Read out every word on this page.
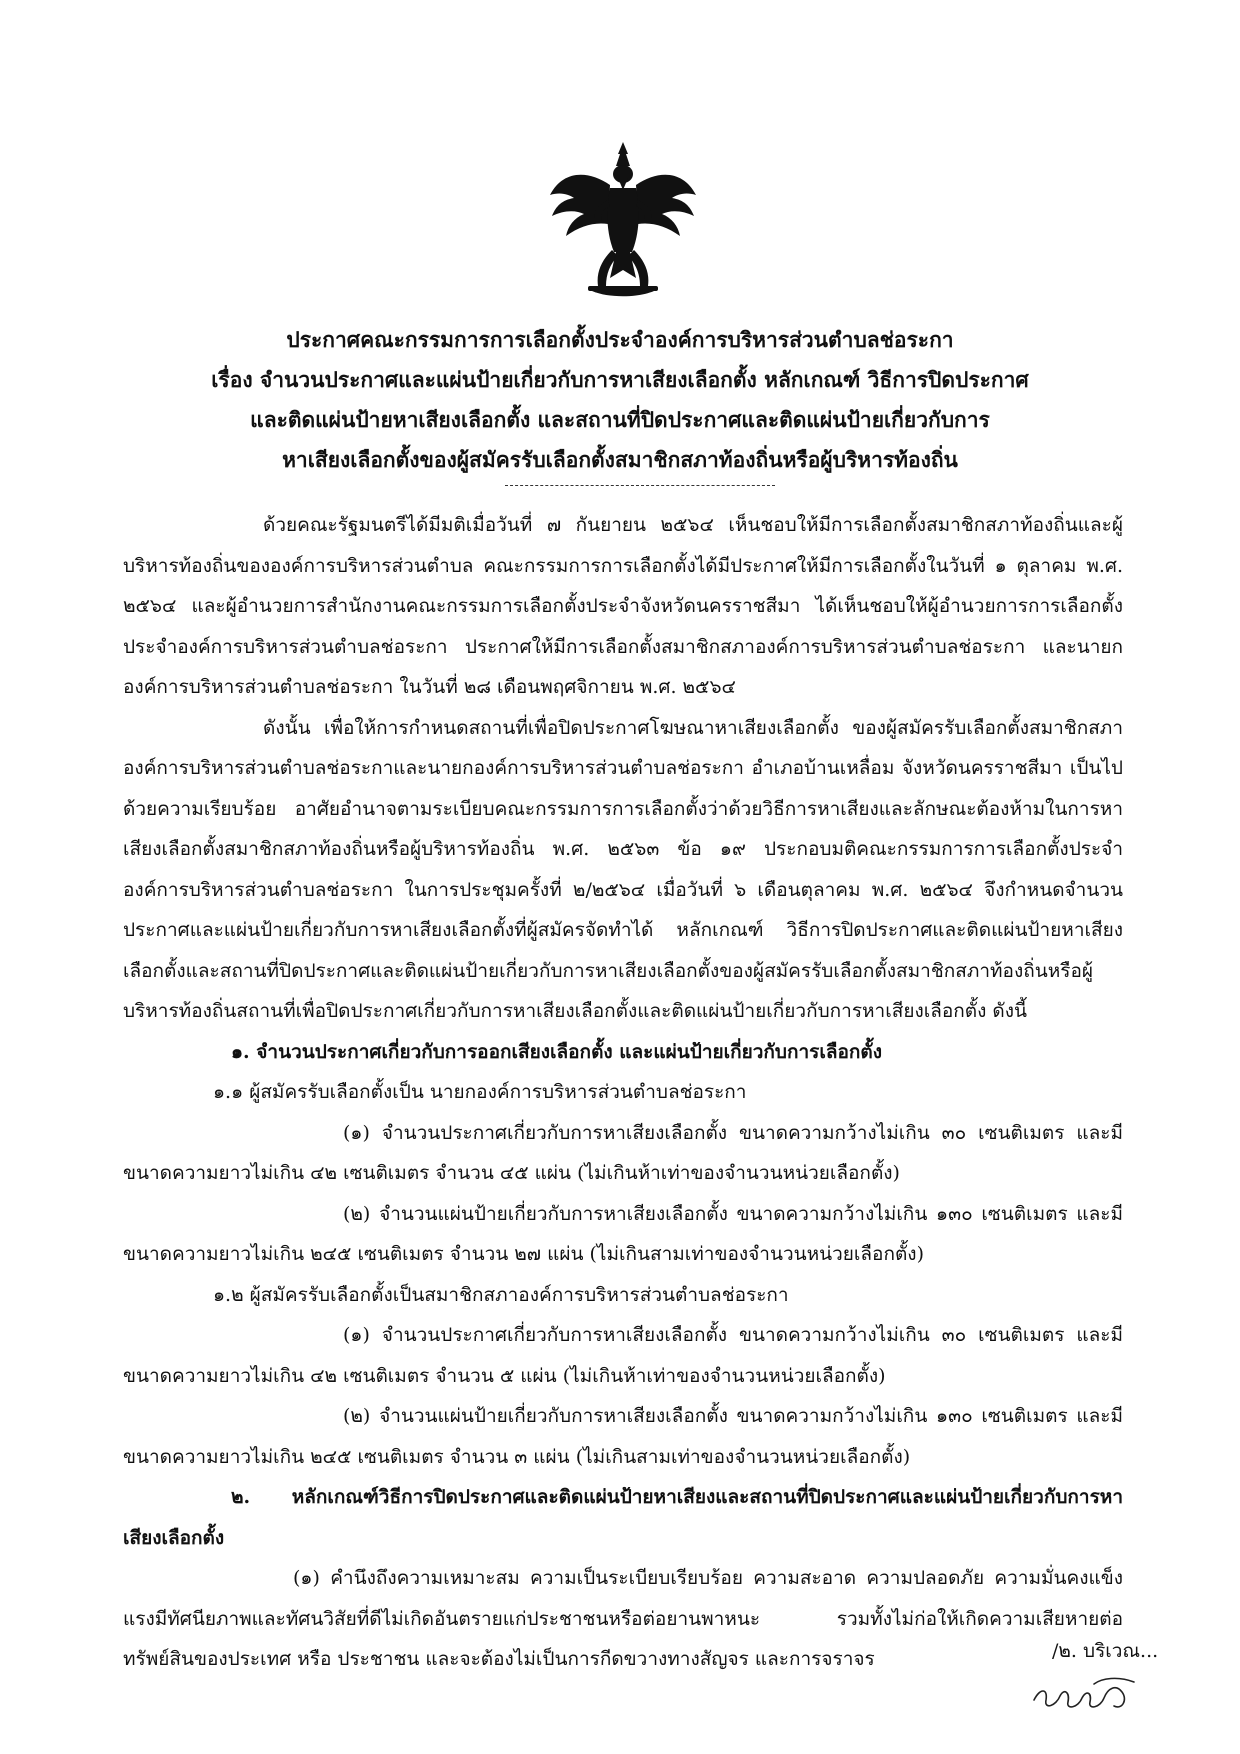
ประกาศคณะกรรมการการเลือกตั้งประจำองค์การบริหารส่วนตำบลช่อระกา

เรื่อง จำนวนประกาศและแผ่นป้ายเกี่ยวกับการหาเสียงเลือกตั้ง หลักเกณฑ์ วิธีการปิดประกาศ

และติดแผ่นป้ายหาเสียงเลือกตั้ง และสถานที่ปิดประกาศและติดแผ่นป้ายเกี่ยวกับการ

หาเสียงเลือกตั้งของผู้สมัครรับเลือกตั้งสมาชิกสภาท้องถิ่นหรือผู้บริหารท้องถิ่น

ด้วยคณะรัฐมนตรีได้มีมติเมื่อวันที่ ๗ กันยายน ๒๕๖๔ เห็นชอบให้มีการเลือกตั้งสมาชิกสภาท้องถิ่นและผู้บริหารท้องถิ่นขององค์การบริหารส่วนตำบล คณะกรรมการการเลือกตั้งได้มีประกาศให้มีการเลือกตั้งในวันที่ ๑ ตุลาคม พ.ศ. ๒๕๖๔ และผู้อำนวยการสำนักงานคณะกรรมการเลือกตั้งประจำจังหวัดนครราชสีมา ได้เห็นชอบให้ผู้อำนวยการการเลือกตั้งประจำองค์การบริหารส่วนตำบลช่อระกา ประกาศให้มีการเลือกตั้งสมาชิกสภาองค์การบริหารส่วนตำบลช่อระกา และนายกองค์การบริหารส่วนตำบลช่อระกา ในวันที่ ๒๘ เดือนพฤศจิกายน พ.ศ. ๒๕๖๔

ดังนั้น เพื่อให้การกำหนดสถานที่เพื่อปิดประกาศโฆษณาหาเสียงเลือกตั้ง ของผู้สมัครรับเลือกตั้งสมาชิกสภาองค์การบริหารส่วนตำบลช่อระกาและนายกองค์การบริหารส่วนตำบลช่อระกา อำเภอบ้านเหลื่อม จังหวัดนครราชสีมา เป็นไปด้วยความเรียบร้อย อาศัยอำนาจตามระเบียบคณะกรรมการการเลือกตั้งว่าด้วยวิธีการหาเสียงและลักษณะต้องห้ามในการหาเสียงเลือกตั้งสมาชิกสภาท้องถิ่นหรือผู้บริหารท้องถิ่น พ.ศ. ๒๕๖๓ ข้อ ๑๙ ประกอบมติคณะกรรมการการเลือกตั้งประจำองค์การบริหารส่วนตำบลช่อระกา ในการประชุมครั้งที่ ๒/๒๕๖๔ เมื่อวันที่ ๖ เดือนตุลาคม พ.ศ. ๒๕๖๔ จึงกำหนดจำนวนประกาศและแผ่นป้ายเกี่ยวกับการหาเสียงเลือกตั้งที่ผู้สมัครจัดทำได้ หลักเกณฑ์ วิธีการปิดประกาศและติดแผ่นป้ายหาเสียงเลือกตั้งและสถานที่ปิดประกาศและติดแผ่นป้ายเกี่ยวกับการหาเสียงเลือกตั้งของผู้สมัครรับเลือกตั้งสมาชิกสภาท้องถิ่นหรือผู้บริหารท้องถิ่นสถานที่เพื่อปิดประกาศเกี่ยวกับการหาเสียงเลือกตั้งและติดแผ่นป้ายเกี่ยวกับการหาเสียงเลือกตั้ง ดังนี้

๑. จำนวนประกาศเกี่ยวกับการออกเสียงเลือกตั้ง และแผ่นป้ายเกี่ยวกับการเลือกตั้ง

๑.๑ ผู้สมัครรับเลือกตั้งเป็น นายกองค์การบริหารส่วนตำบลช่อระกา

(๑) จำนวนประกาศเกี่ยวกับการหาเสียงเลือกตั้ง ขนาดความกว้างไม่เกิน ๓๐ เซนติเมตร และมีขนาดความยาวไม่เกิน ๔๒ เซนติเมตร จำนวน ๔๕ แผ่น (ไม่เกินห้าเท่าของจำนวนหน่วยเลือกตั้ง)

(๒) จำนวนแผ่นป้ายเกี่ยวกับการหาเสียงเลือกตั้ง ขนาดความกว้างไม่เกิน ๑๓๐ เซนติเมตร และมีขนาดความยาวไม่เกิน ๒๔๕ เซนติเมตร จำนวน ๒๗ แผ่น (ไม่เกินสามเท่าของจำนวนหน่วยเลือกตั้ง)

๑.๒ ผู้สมัครรับเลือกตั้งเป็นสมาชิกสภาองค์การบริหารส่วนตำบลช่อระกา

(๑) จำนวนประกาศเกี่ยวกับการหาเสียงเลือกตั้ง ขนาดความกว้างไม่เกิน ๓๐ เซนติเมตร และมีขนาดความยาวไม่เกิน ๔๒ เซนติเมตร จำนวน ๕ แผ่น (ไม่เกินห้าเท่าของจำนวนหน่วยเลือกตั้ง)

(๒) จำนวนแผ่นป้ายเกี่ยวกับการหาเสียงเลือกตั้ง ขนาดความกว้างไม่เกิน ๑๓๐ เซนติเมตร และมีขนาดความยาวไม่เกิน ๒๔๕ เซนติเมตร จำนวน ๓ แผ่น (ไม่เกินสามเท่าของจำนวนหน่วยเลือกตั้ง)

๒. หลักเกณฑ์วิธีการปิดประกาศและติดแผ่นป้ายหาเสียงและสถานที่ปิดประกาศและแผ่นป้ายเกี่ยวกับการหาเสียงเลือกตั้ง

(๑) คำนึงถึงความเหมาะสม ความเป็นระเบียบเรียบร้อย ความสะอาด ความปลอดภัย ความมั่นคงแข็งแรงมีทัศนียภาพและทัศนวิสัยที่ดีไม่เกิดอันตรายแก่ประชาชนหรือต่อยานพาหนะ รวมทั้งไม่ก่อให้เกิดความเสียหายต่อทรัพย์สินของประเทศ หรือ ประชาชน และจะต้องไม่เป็นการกีดขวางทางสัญจร และการจราจร	/๒. บริเวณ...
